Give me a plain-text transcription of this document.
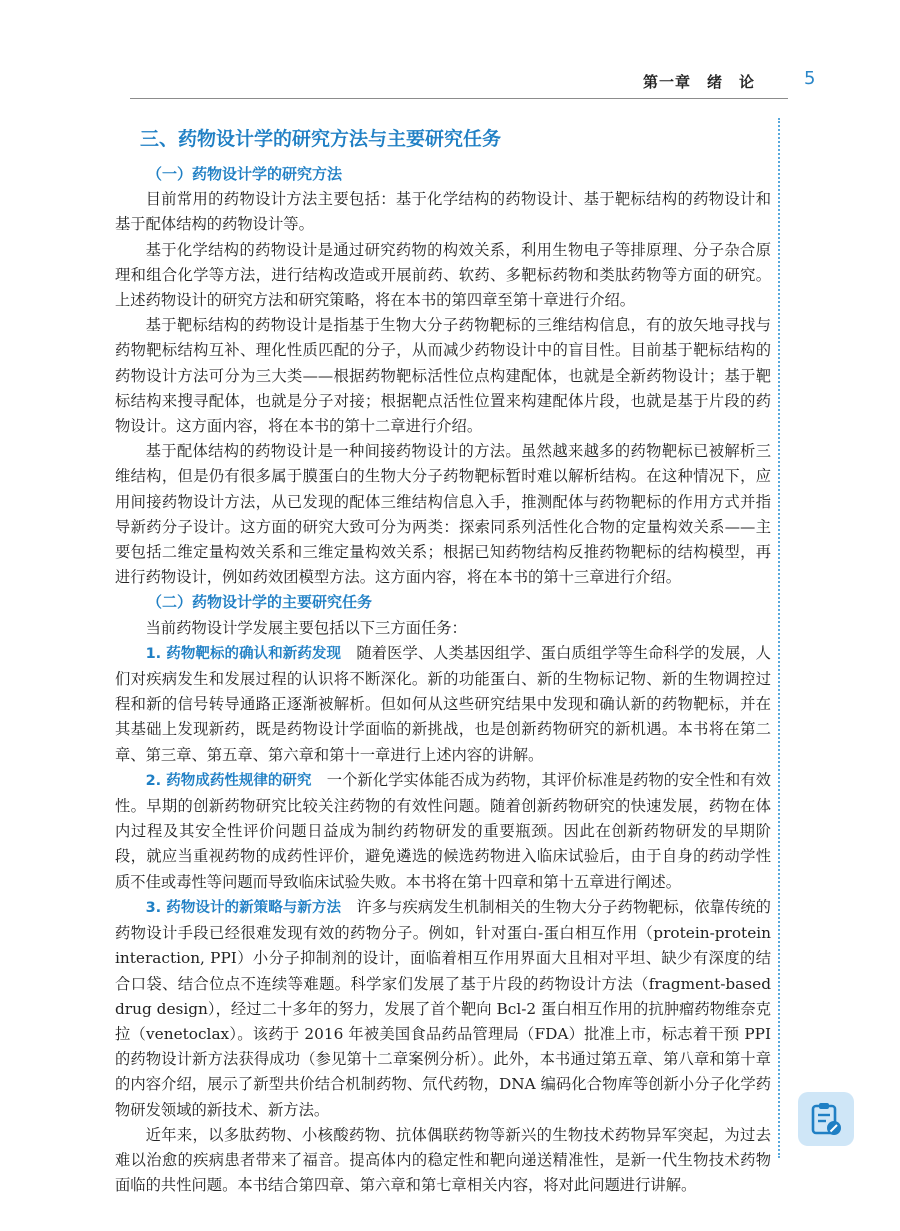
第一章　绪　论	5
三、药物设计学的研究方法与主要研究任务
（一）药物设计学的研究方法

目前常用的药物设计方法主要包括：基于化学结构的药物设计、基于靶标结构的药物设计和基于配体结构的药物设计等。

基于化学结构的药物设计是通过研究药物的构效关系，利用生物电子等排原理、分子杂合原理和组合化学等方法，进行结构改造或开展前药、软药、多靶标药物和类肽药物等方面的研究。上述药物设计的研究方法和研究策略，将在本书的第四章至第十章进行介绍。

基于靶标结构的药物设计是指基于生物大分子药物靶标的三维结构信息，有的放矢地寻找与药物靶标结构互补、理化性质匹配的分子，从而减少药物设计中的盲目性。目前基于靶标结构的药物设计方法可分为三大类——根据药物靶标活性位点构建配体，也就是全新药物设计；基于靶标结构来搜寻配体，也就是分子对接；根据靶点活性位置来构建配体片段，也就是基于片段的药物设计。这方面内容，将在本书的第十二章进行介绍。

基于配体结构的药物设计是一种间接药物设计的方法。虽然越来越多的药物靶标已被解析三维结构，但是仍有很多属于膜蛋白的生物大分子药物靶标暂时难以解析结构。在这种情况下，应用间接药物设计方法，从已发现的配体三维结构信息入手，推测配体与药物靶标的作用方式并指导新药分子设计。这方面的研究大致可分为两类：探索同系列活性化合物的定量构效关系——主要包括二维定量构效关系和三维定量构效关系；根据已知药物结构反推药物靶标的结构模型，再进行药物设计，例如药效团模型方法。这方面内容，将在本书的第十三章进行介绍。

（二）药物设计学的主要研究任务

当前药物设计学发展主要包括以下三方面任务：

1. 药物靶标的确认和新药发现　 随着医学、人类基因组学、蛋白质组学等生命科学的发展，人们对疾病发生和发展过程的认识将不断深化。新的功能蛋白、新的生物标记物、新的生物调控过程和新的信号转导通路正逐渐被解析。但如何从这些研究结果中发现和确认新的药物靶标，并在其基础上发现新药，既是药物设计学面临的新挑战，也是创新药物研究的新机遇。本书将在第二章、第三章、第五章、第六章和第十一章进行上述内容的讲解。

2. 药物成药性规律的研究　 一个新化学实体能否成为药物，其评价标准是药物的安全性和有效性。早期的创新药物研究比较关注药物的有效性问题。随着创新药物研究的快速发展，药物在体内过程及其安全性评价问题日益成为制约药物研发的重要瓶颈。因此在创新药物研发的早期阶段，就应当重视药物的成药性评价，避免遴选的候选药物进入临床试验后，由于自身的药动学性质不佳或毒性等问题而导致临床试验失败。本书将在第十四章和第十五章进行阐述。

3. 药物设计的新策略与新方法　 许多与疾病发生机制相关的生物大分子药物靶标，依靠传统的药物设计手段已经很难发现有效的药物分子。例如，针对蛋白-蛋白相互作用（protein-protein interaction, PPI）小分子抑制剂的设计，面临着相互作用界面大且相对平坦、缺少有深度的结合口袋、结合位点不连续等难题。科学家们发展了基于片段的药物设计方法（fragment-based drug design），经过二十多年的努力，发展了首个靶向 Bcl-2 蛋白相互作用的抗肿瘤药物维奈克拉（venetoclax）。该药于 2016 年被美国食品药品管理局（FDA）批准上市，标志着干预 PPI 的药物设计新方法获得成功（参见第十二章案例分析）。此外，本书通过第五章、第八章和第十章的内容介绍，展示了新型共价结合机制药物、氘代药物，DNA 编码化合物库等创新小分子化学药物研发领域的新技术、新方法。

近年来，以多肽药物、小核酸药物、抗体偶联药物等新兴的生物技术药物异军突起，为过去难以治愈的疾病患者带来了福音。提高体内的稳定性和靶向递送精准性，是新一代生物技术药物面临的共性问题。本书结合第四章、第六章和第七章相关内容，将对此问题进行讲解。
